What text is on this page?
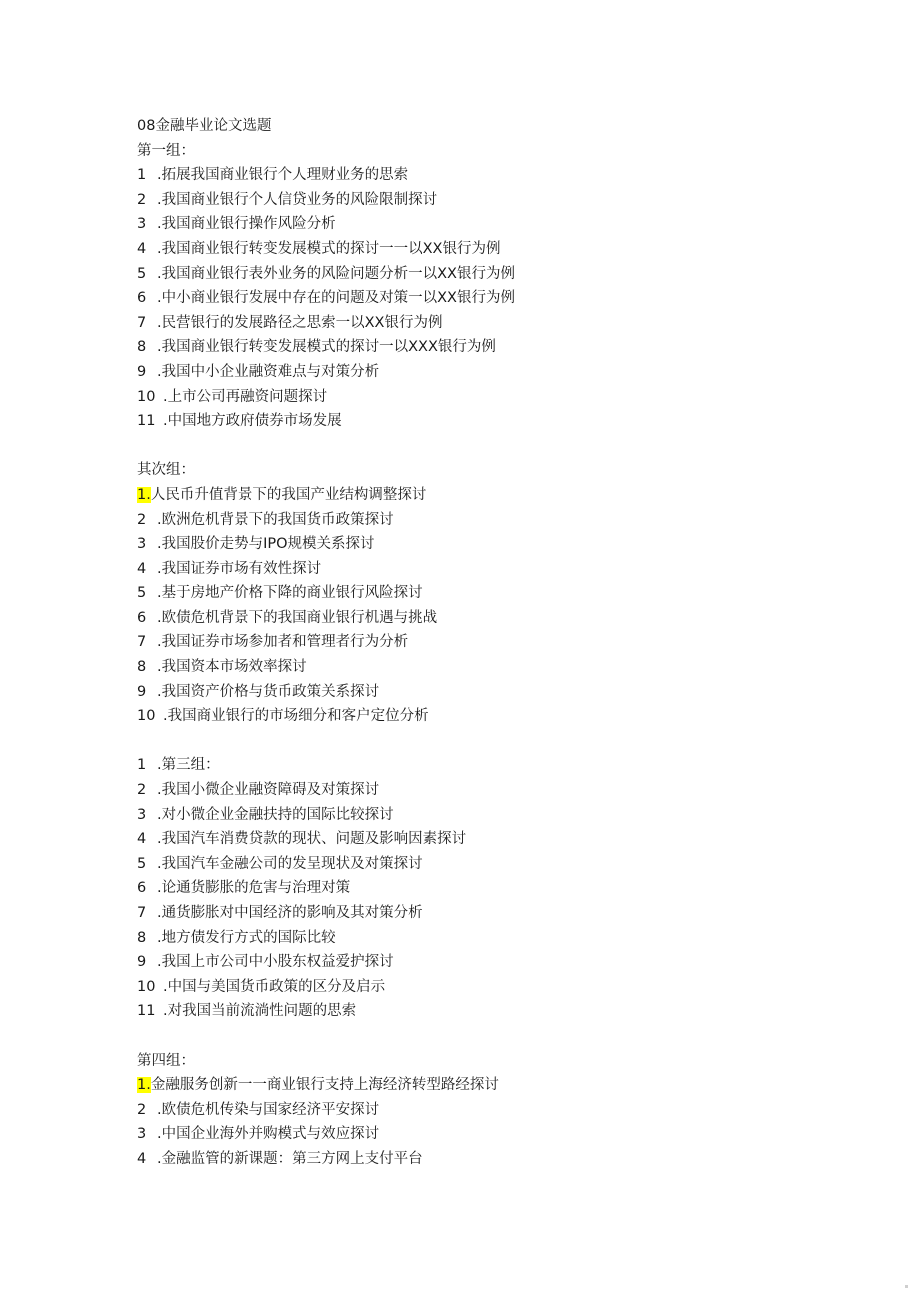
08金融毕业论文选题
第一组：
1 .拓展我国商业银行个人理财业务的思索
2 .我国商业银行个人信贷业务的风险限制探讨
3 .我国商业银行操作风险分析
4 .我国商业银行转变发展模式的探讨一一以XX银行为例
5 .我国商业银行表外业务的风险问题分析一以XX银行为例
6 .中小商业银行发展中存在的问题及对策一以XX银行为例
7 .民营银行的发展路径之思索一以XX银行为例
8 .我国商业银行转变发展模式的探讨一以XXX银行为例
9 .我国中小企业融资难点与对策分析
10 .上市公司再融资问题探讨
11 .中国地方政府债券市场发展
其次组：
1.人民币升值背景下的我国产业结构调整探讨
2 .欧洲危机背景下的我国货币政策探讨
3 .我国股价走势与IPO规模关系探讨
4 .我国证券市场有效性探讨
5 .基于房地产价格下降的商业银行风险探讨
6 .欧债危机背景下的我国商业银行机遇与挑战
7 .我国证券市场参加者和管理者行为分析
8 .我国资本市场效率探讨
9 .我国资产价格与货币政策关系探讨
10 .我国商业银行的市场细分和客户定位分析
1 .第三组：
2 .我国小微企业融资障碍及对策探讨
3 .对小微企业金融扶持的国际比较探讨
4 .我国汽车消费贷款的现状、问题及影响因素探讨
5 .我国汽车金融公司的发呈现状及对策探讨
6 .论通货膨胀的危害与治理对策
7 .通货膨胀对中国经济的影响及其对策分析
8 .地方债发行方式的国际比较
9 .我国上市公司中小股东权益爱护探讨
10 .中国与美国货币政策的区分及启示
11 .对我国当前流淌性问题的思索
第四组：
1.金融服务创新一一商业银行支持上海经济转型路经探讨
2 .欧债危机传染与国家经济平安探讨
3 .中国企业海外并购模式与效应探讨
4 .金融监管的新课题：第三方网上支付平台
